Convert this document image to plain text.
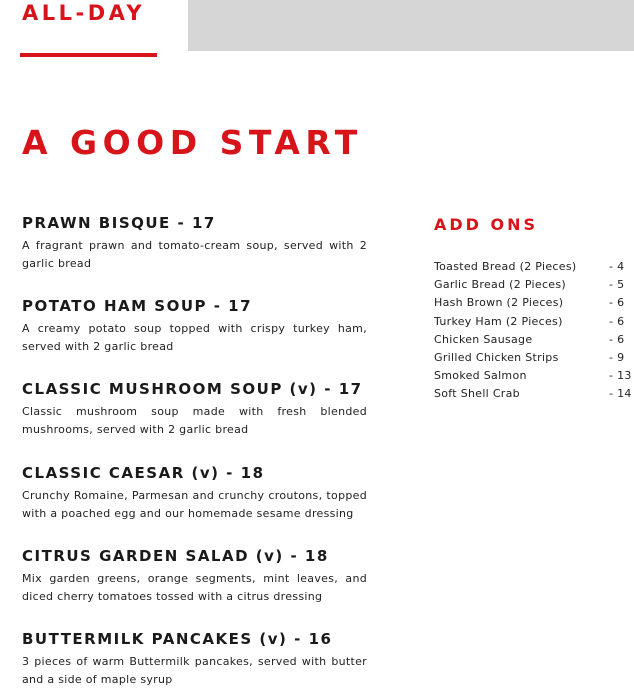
ALL-DAY
A GOOD START
PRAWN BISQUE - 17
A fragrant prawn and tomato-cream soup, served with 2 garlic bread
POTATO HAM SOUP - 17
A creamy potato soup topped with crispy turkey ham, served with 2 garlic bread
CLASSIC MUSHROOM SOUP (v) - 17
Classic mushroom soup made with fresh blended mushrooms, served with 2 garlic bread
CLASSIC CAESAR (v) - 18
Crunchy Romaine, Parmesan and crunchy croutons, topped with a poached egg and our homemade sesame dressing
CITRUS GARDEN SALAD (v) - 18
Mix garden greens, orange segments, mint leaves, and diced cherry tomatoes tossed with a citrus dressing
BUTTERMILK PANCAKES (v) - 16
3 pieces of warm Buttermilk pancakes, served with butter and a side of maple syrup
ADD ONS
Toasted Bread (2 Pieces)	- 4
Garlic Bread (2 Pieces)	- 5
Hash Brown (2 Pieces)	- 6
Turkey Ham (2 Pieces)	- 6
Chicken Sausage	- 6
Grilled Chicken Strips	- 9
Smoked Salmon	- 13
Soft Shell Crab	- 14
